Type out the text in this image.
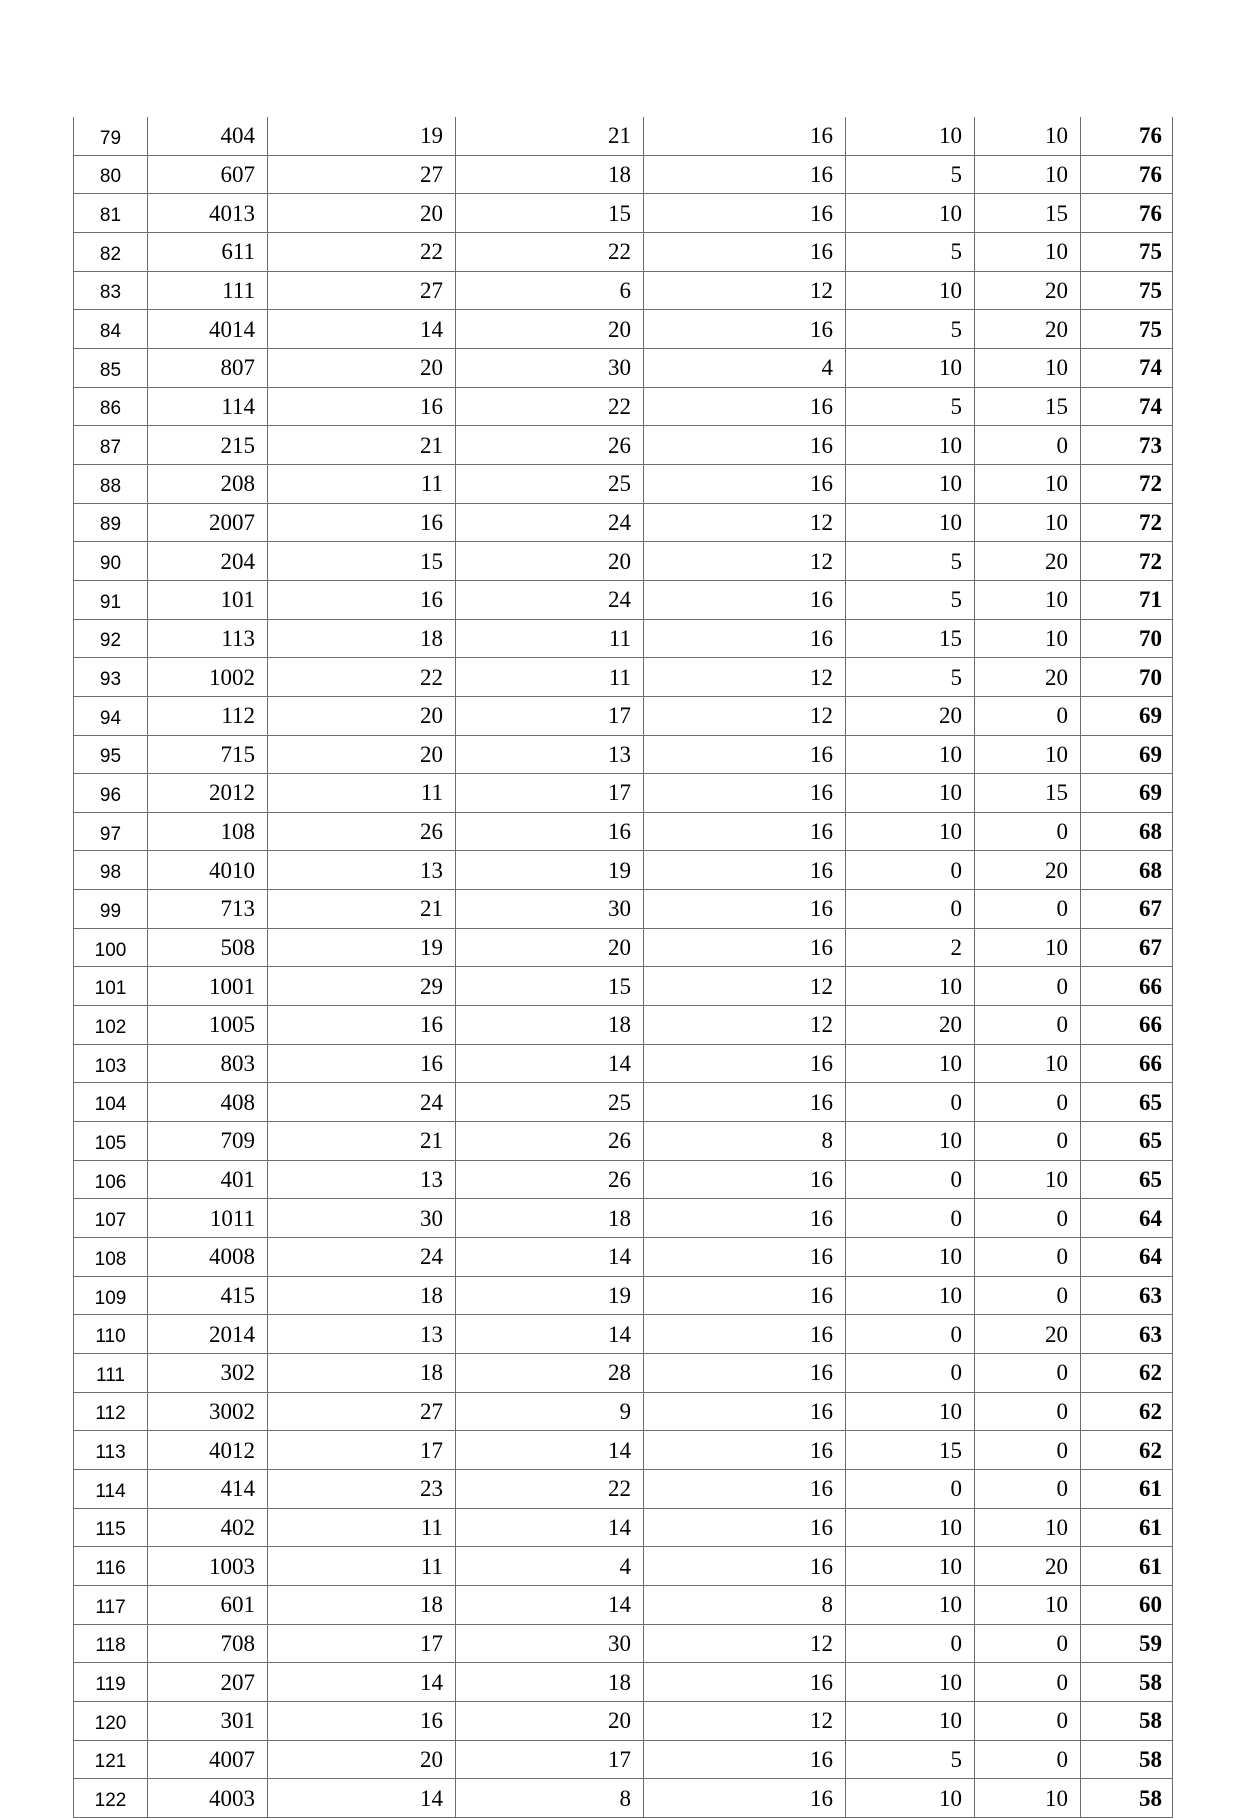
79	404	19	21	16	10	10	76
80	607	27	18	16	5	10	76
81	4013	20	15	16	10	15	76
82	611	22	22	16	5	10	75
83	111	27	6	12	10	20	75
84	4014	14	20	16	5	20	75
85	807	20	30	4	10	10	74
86	114	16	22	16	5	15	74
87	215	21	26	16	10	0	73
88	208	11	25	16	10	10	72
89	2007	16	24	12	10	10	72
90	204	15	20	12	5	20	72
91	101	16	24	16	5	10	71
92	113	18	11	16	15	10	70
93	1002	22	11	12	5	20	70
94	112	20	17	12	20	0	69
95	715	20	13	16	10	10	69
96	2012	11	17	16	10	15	69
97	108	26	16	16	10	0	68
98	4010	13	19	16	0	20	68
99	713	21	30	16	0	0	67
100	508	19	20	16	2	10	67
101	1001	29	15	12	10	0	66
102	1005	16	18	12	20	0	66
103	803	16	14	16	10	10	66
104	408	24	25	16	0	0	65
105	709	21	26	8	10	0	65
106	401	13	26	16	0	10	65
107	1011	30	18	16	0	0	64
108	4008	24	14	16	10	0	64
109	415	18	19	16	10	0	63
110	2014	13	14	16	0	20	63
111	302	18	28	16	0	0	62
112	3002	27	9	16	10	0	62
113	4012	17	14	16	15	0	62
114	414	23	22	16	0	0	61
115	402	11	14	16	10	10	61
116	1003	11	4	16	10	20	61
117	601	18	14	8	10	10	60
118	708	17	30	12	0	0	59
119	207	14	18	16	10	0	58
120	301	16	20	12	10	0	58
121	4007	20	17	16	5	0	58
122	4003	14	8	16	10	10	58
